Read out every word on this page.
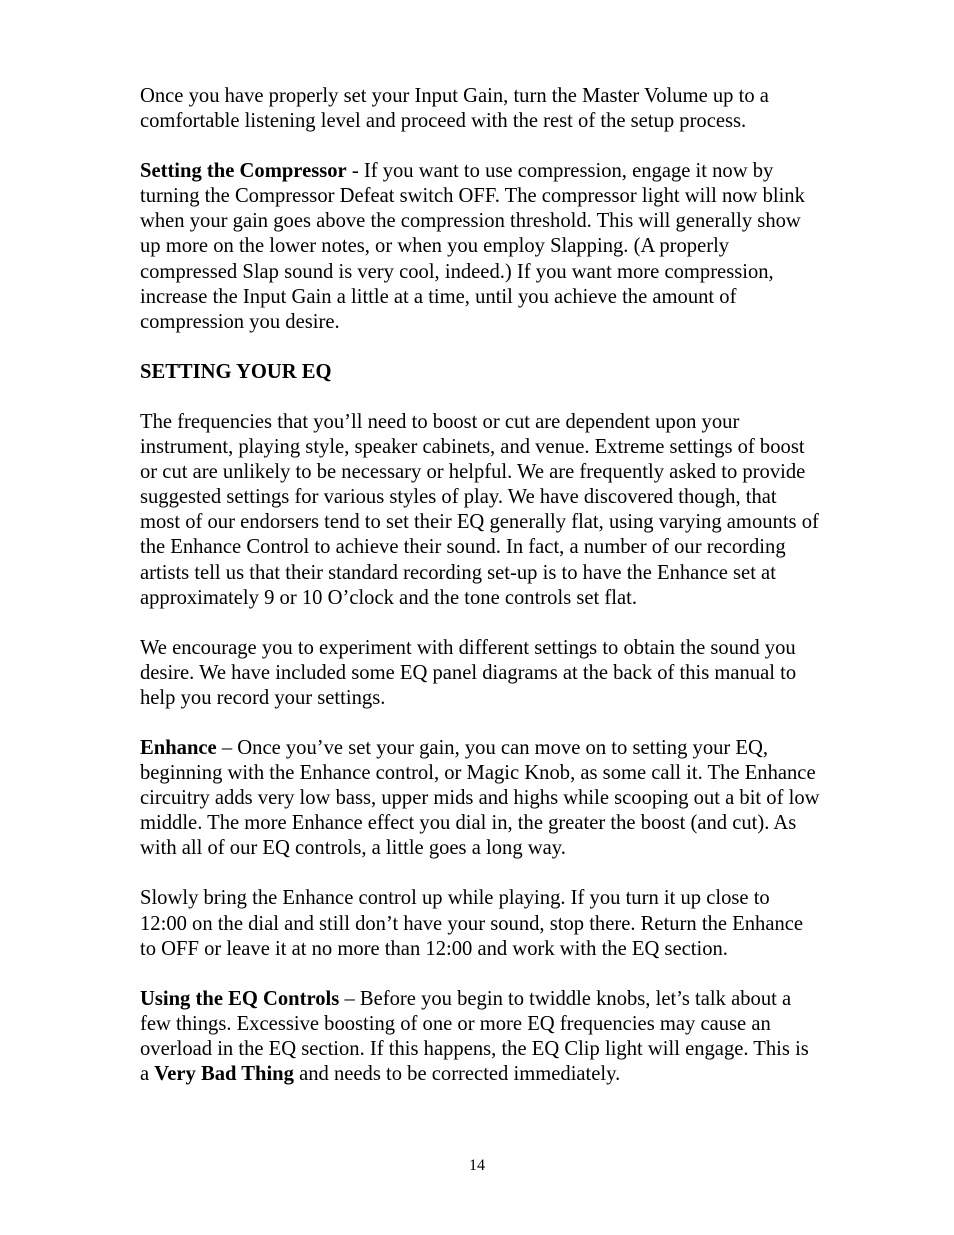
Once you have properly set your Input Gain, turn the Master Volume up to a comfortable listening level and proceed with the rest of the setup process.

Setting the Compressor - If you want to use compression, engage it now by turning the Compressor Defeat switch OFF. The compressor light will now blink when your gain goes above the compression threshold. This will generally show up more on the lower notes, or when you employ Slapping. (A properly compressed Slap sound is very cool, indeed.) If you want more compression, increase the Input Gain a little at a time, until you achieve the amount of compression you desire.

SETTING YOUR EQ

The frequencies that you’ll need to boost or cut are dependent upon your instrument, playing style, speaker cabinets, and venue. Extreme settings of boost or cut are unlikely to be necessary or helpful. We are frequently asked to provide suggested settings for various styles of play. We have discovered though, that most of our endorsers tend to set their EQ generally flat, using varying amounts of the Enhance Control to achieve their sound. In fact, a number of our recording artists tell us that their standard recording set-up is to have the Enhance set at approximately 9 or 10 O’clock and the tone controls set flat.

We encourage you to experiment with different settings to obtain the sound you desire. We have included some EQ panel diagrams at the back of this manual to help you record your settings.

Enhance – Once you’ve set your gain, you can move on to setting your EQ, beginning with the Enhance control, or Magic Knob, as some call it. The Enhance circuitry adds very low bass, upper mids and highs while scooping out a bit of low middle. The more Enhance effect you dial in, the greater the boost (and cut). As with all of our EQ controls, a little goes a long way.

Slowly bring the Enhance control up while playing. If you turn it up close to 12:00 on the dial and still don’t have your sound, stop there. Return the Enhance to OFF or leave it at no more than 12:00 and work with the EQ section.

Using the EQ Controls – Before you begin to twiddle knobs, let’s talk about a few things. Excessive boosting of one or more EQ frequencies may cause an overload in the EQ section. If this happens, the EQ Clip light will engage. This is a Very Bad Thing and needs to be corrected immediately.

14
